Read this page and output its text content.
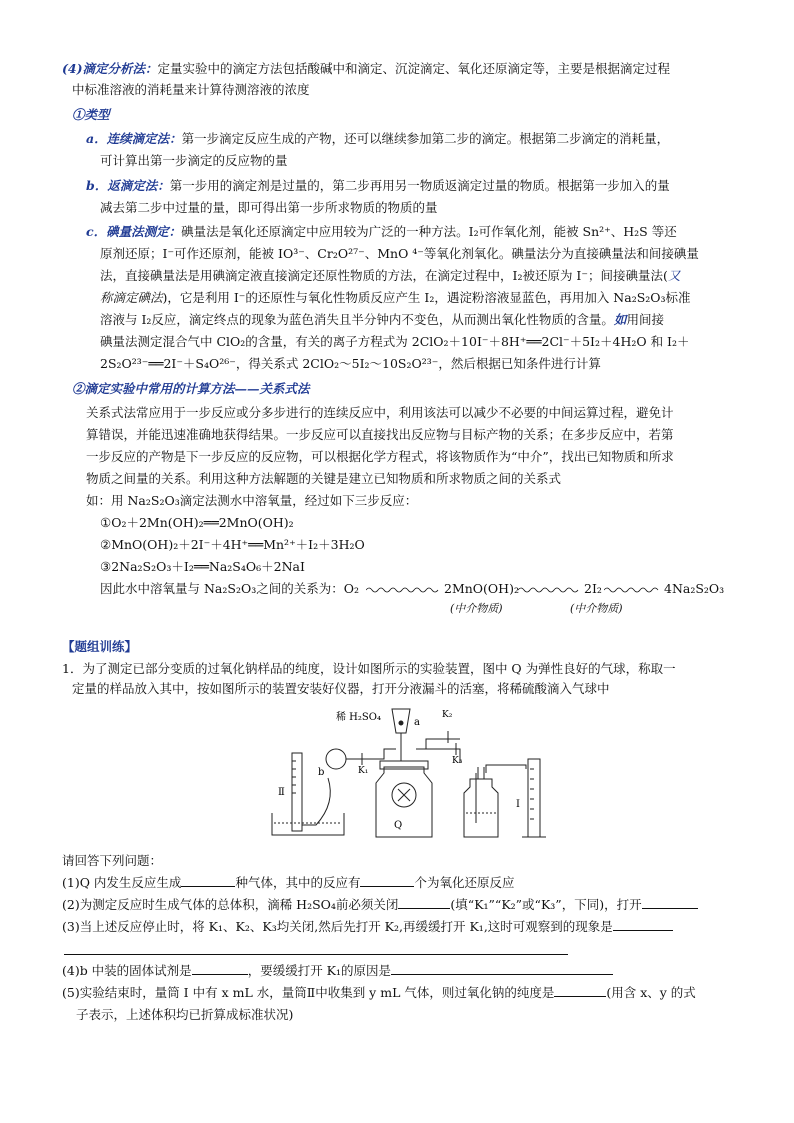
(4)滴定分析法：定量实验中的滴定方法包括酸碱中和滴定、沉淀滴定、氧化还原滴定等，主要是根据滴定过程
中标准溶液的消耗量来计算待测溶液的浓度
①类型
a．连续滴定法：第一步滴定反应生成的产物，还可以继续参加第二步的滴定。根据第二步滴定的消耗量，
可计算出第一步滴定的反应物的量
b．返滴定法：第一步用的滴定剂是过量的，第二步再用另一物质返滴定过量的物质。根据第一步加入的量
减去第二步中过量的量，即可得出第一步所求物质的物质的量
c．碘量法测定：碘量法是氧化还原滴定中应用较为广泛的一种方法。I₂可作氧化剂，能被 Sn²⁺、H₂S 等还
原剂还原；I⁻可作还原剂，能被 IO³⁻、Cr₂O²⁷⁻、MnO ⁴⁻等氧化剂氧化。碘量法分为直接碘量法和间接碘量
法，直接碘量法是用碘滴定液直接滴定还原性物质的方法，在滴定过程中，I₂被还原为 I⁻；间接碘量法(又
称滴定碘法)，它是利用 I⁻的还原性与氧化性物质反应产生 I₂，遇淀粉溶液显蓝色，再用加入 Na₂S₂O₃标准
溶液与 I₂反应，滴定终点的现象为蓝色消失且半分钟内不变色，从而测出氧化性物质的含量。如用间接
碘量法测定混合气中 ClO₂的含量，有关的离子方程式为 2ClO₂＋10I⁻＋8H⁺══2Cl⁻＋5I₂＋4H₂O 和 I₂＋
2S₂O²³⁻══2I⁻＋S₄O²⁶⁻，得关系式 2ClO₂～5I₂～10S₂O²³⁻，然后根据已知条件进行计算
②滴定实验中常用的计算方法——关系式法
关系式法常应用于一步反应或分多步进行的连续反应中，利用该法可以减少不必要的中间运算过程，避免计
算错误，并能迅速准确地获得结果。一步反应可以直接找出反应物与目标产物的关系；在多步反应中，若第
一步反应的产物是下一步反应的反应物，可以根据化学方程式，将该物质作为“中介”，找出已知物质和所求
物质之间量的关系。利用这种方法解题的关键是建立已知物质和所求物质之间的关系式
如：用 Na₂S₂O₃滴定法测水中溶氧量，经过如下三步反应：
①O₂＋2Mn(OH)₂══2MnO(OH)₂
②MnO(OH)₂＋2I⁻＋4H⁺══Mn²⁺＋I₂＋3H₂O
③2Na₂S₂O₃＋I₂══Na₂S₄O₆＋2NaI
因此水中溶氧量与 Na₂S₂O₃之间的关系为：O₂	2MnO(OH)₂	2I₂	4Na₂S₂O₃
(中介物质)	(中介物质)
【题组训练】
1．为了测定已部分变质的过氧化钠样品的纯度，设计如图所示的实验装置，图中 Q 为弹性良好的气球，称取一
定量的样品放入其中，按如图所示的装置安装好仪器，打开分液漏斗的活塞，将稀硫酸滴入气球中
稀 H₂SO₄	a
K₂
K₁
K₃
b
Ⅱ
Q
Ⅰ
请回答下列问题：
(1)Q 内发生反应生成	种气体，其中的反应有	个为氧化还原反应
(2)为测定反应时生成气体的总体积，滴稀 H₂SO₄前必须关闭	(填“K₁”“K₂”或“K₃”，下同)，打开
(3)当上述反应停止时，将 K₁、K₂、K₃均关闭,然后先打开 K₂,再缓缓打开 K₁,这时可观察到的现象是
(4)b 中装的固体试剂是	，要缓缓打开 K₁的原因是
(5)实验结束时，量筒 I 中有 x mL 水，量筒Ⅱ中收集到 y mL 气体，则过氧化钠的纯度是	(用含 x、y 的式
子表示，上述体积均已折算成标准状况)
